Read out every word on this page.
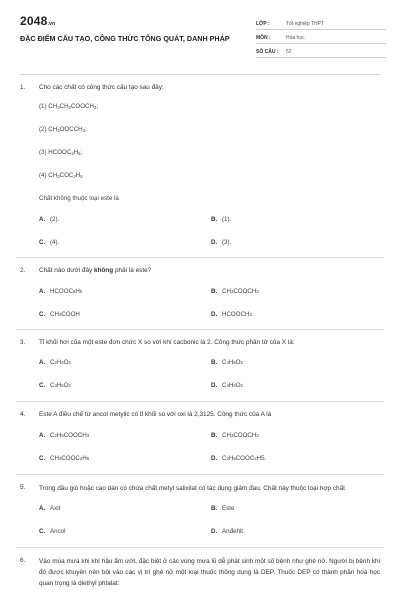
2048.vn
ĐẶC ĐIỂM CẤU TẠO, CÔNG THỨC TỔNG QUÁT, DANH PHÁP
LỚP :	Tốt nghiệp THPT
MÔN :	Hóa học
SỐ CÂU :	52
1.	Cho các chất có công thức cấu tạo sau đây:
(1) $CH_3CH_2COOCH_3$;
(2) $CH_3OOCCH_3$;
(3) $HCOOC_2H_5$;
(4) $CH_3COC_2H_5$
Chất không thuộc loại este là
A. (2).	B. (1).
C. (4).	D. (3).
2.	Chất nào dưới đây không phải là este?
A. HCOOC 6 H 5	B. CH 3 COOCH 3
C. CH 3 COOH	D. HCOOCH 3
3.	Tỉ khối hơi của một este đơn chức X so với khí cacbonic là 2. Công thức phân tử của X là:
A. C 2 H 4 O 2	B. C 4 H 8 O 2
C. C 3 H 6 O 2	D. C 4 H 6 O 2
4.	Este A điều chế từ ancol metylic có tỉ khối so với oxi là 2,3125. Công thức của A là
A. C 2 H 5 COOCH 3	B. CH 3 COOCH 3
C. CH 3 COOC 2 H 5	D. C 2 H 5 COOC 2 H5.
5.	Trong dầu gió hoặc cao dán có chứa chất metyl salixilat có tác dụng giảm đau. Chất này thuộc loại hợp chất
A. Axit	B. Este
C. Ancol	D. Anđehit.
6.	Vào mùa mưa khi khí hậu ẩm ướt, đặc biệt ở các vùng mưa lũ dễ phát sinh một số bệnh như ghẻ nở. Người bị bệnh khi đó được khuyên nên bôi vào các vị trí ghẻ nở một loại thuốc thông dụng là DEP. Thuốc DEP có thành phần hoá học quan trọng là diethyl phtalat:
